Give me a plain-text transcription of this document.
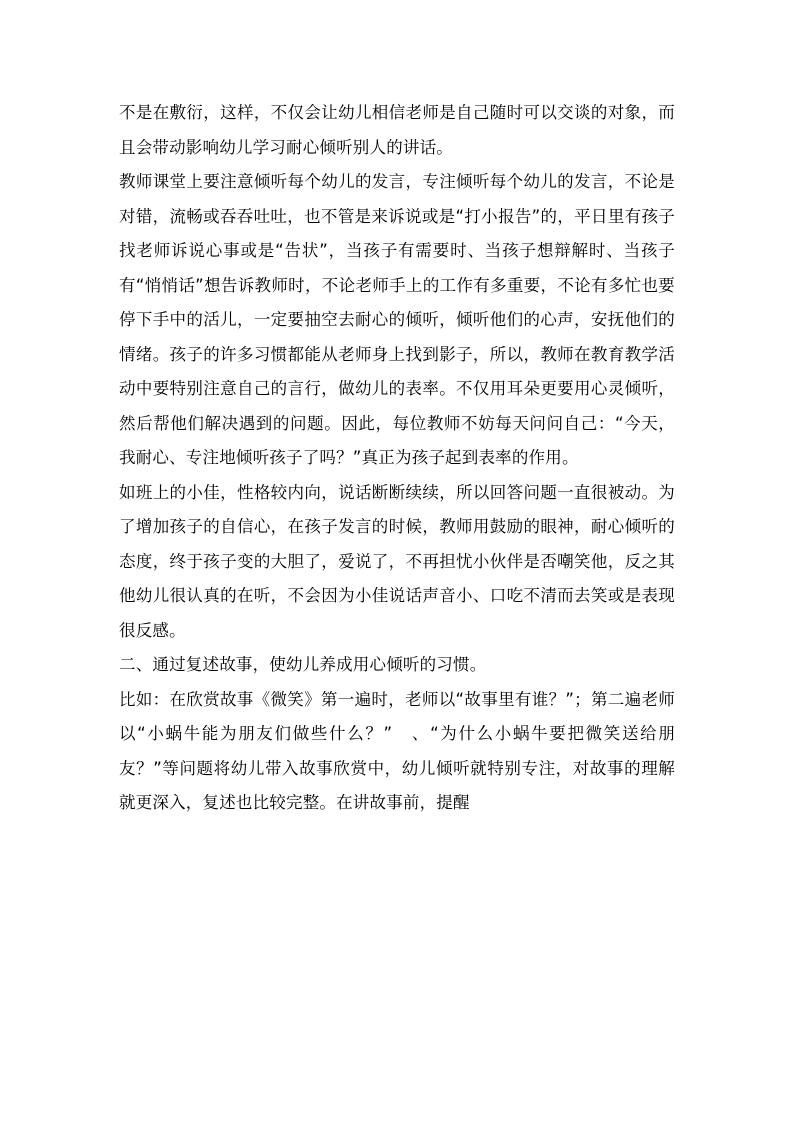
不是在敷衍，这样，不仅会让幼儿相信老师是自己随时可以交谈的对象，而且会带动影响幼儿学习耐心倾听别人的讲话。

教师课堂上要注意倾听每个幼儿的发言，专注倾听每个幼儿的发言，不论是对错，流畅或吞吞吐吐，也不管是来诉说或是“打小报告”的，平日里有孩子找老师诉说心事或是“告状”，当孩子有需要时、当孩子想辩解时、当孩子有“悄悄话”想告诉教师时，不论老师手上的工作有多重要，不论有多忙也要停下手中的活儿，一定要抽空去耐心的倾听，倾听他们的心声，安抚他们的情绪。孩子的许多习惯都能从老师身上找到影子，所以，教师在教育教学活动中要特别注意自己的言行，做幼儿的表率。不仅用耳朵更要用心灵倾听，然后帮他们解决遇到的问题。因此，每位教师不妨每天问问自己：“今天，我耐心、专注地倾听孩子了吗？”真正为孩子起到表率的作用。

如班上的小佳，性格较内向，说话断断续续，所以回答问题一直很被动。为了增加孩子的自信心，在孩子发言的时候，教师用鼓励的眼神，耐心倾听的态度，终于孩子变的大胆了，爱说了，不再担忧小伙伴是否嘲笑他，反之其他幼儿很认真的在听，不会因为小佳说话声音小、口吃不清而去笑或是表现很反感。

二、通过复述故事，使幼儿养成用心倾听的习惯。

比如：在欣赏故事《微笑》第一遍时，老师以“故事里有谁？”；第二遍老师以“小蜗牛能为朋友们做些什么？”　、“为什么小蜗牛要把微笑送给朋友？”等问题将幼儿带入故事欣赏中，幼儿倾听就特别专注，对故事的理解就更深入，复述也比较完整。在讲故事前，提醒
